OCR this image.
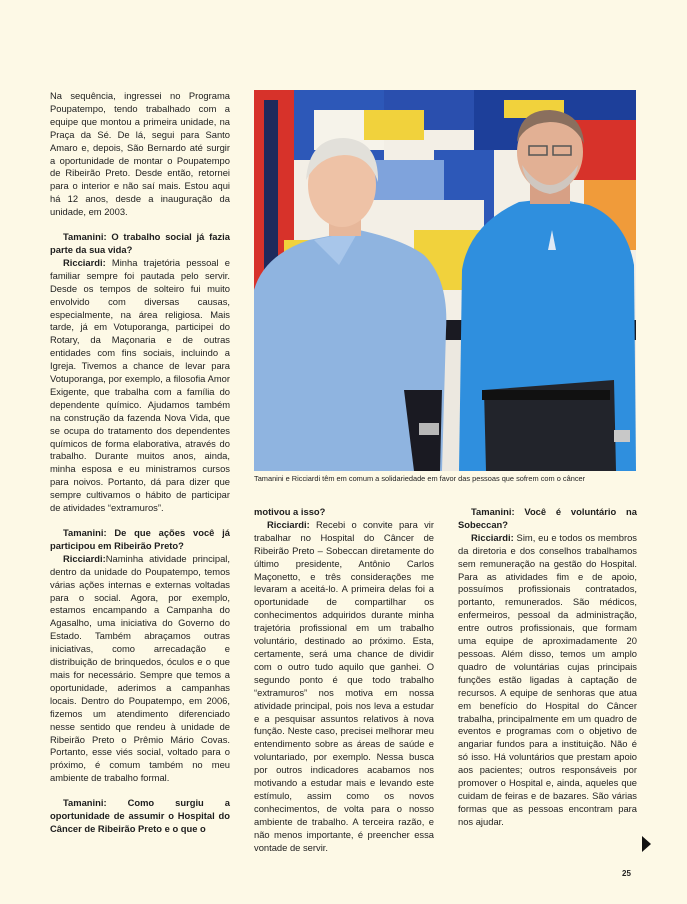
Na sequência, ingressei no Programa Poupatempo, tendo trabalhado com a equipe que montou a primeira unidade, na Praça da Sé. De lá, segui para Santo Amaro e, depois, São Bernardo até surgir a oportunidade de montar o Poupatempo de Ribeirão Preto. Desde então, retornei para o interior e não saí mais. Estou aqui há 12 anos, desde a inauguração da unidade, em 2003.

Tamanini: O trabalho social já fazia parte da sua vida?

Ricciardi: Minha trajetória pessoal e familiar sempre foi pautada pelo servir. Desde os tempos de solteiro fui muito envolvido com diversas causas, especialmente, na área religiosa. Mais tarde, já em Votuporanga, participei do Rotary, da Maçonaria e de outras entidades com fins sociais, incluindo a Igreja. Tivemos a chance de levar para Votuporanga, por exemplo, a filosofia Amor Exigente, que trabalha com a família do dependente químico. Ajudamos também na construção da fazenda Nova Vida, que se ocupa do tratamento dos dependentes químicos de forma elaborativa, através do trabalho. Durante muitos anos, ainda, minha esposa e eu ministramos cursos para noivos. Portanto, dá para dizer que sempre cultivamos o hábito de participar de atividades “extramuros”.

Tamanini: De que ações você já participou em Ribeirão Preto?

Ricciardi:Naminha atividade principal, dentro da unidade do Poupatempo, temos várias ações internas e externas voltadas para o social. Agora, por exemplo, estamos encampando a Campanha do Agasalho, uma iniciativa do Governo do Estado. Também abraçamos outras iniciativas, como arrecadação e distribuição de brinquedos, óculos e o que mais for necessário. Sempre que temos a oportunidade, aderimos a campanhas locais. Dentro do Poupatempo, em 2006, fizemos um atendimento diferenciado nesse sentido que rendeu à unidade de Ribeirão Preto o Prêmio Mário Covas. Portanto, esse viés social, voltado para o próximo, é comum também no meu ambiente de trabalho formal.

Tamanini: Como surgiu a oportunidade de assumir o Hospital do Câncer de Ribeirão Preto e o que o

Tamanini e Ricciardi têm em comum a solidariedade em favor das pessoas que sofrem com o câncer

motivou a isso?

Ricciardi: Recebi o convite para vir trabalhar no Hospital do Câncer de Ribeirão Preto – Sobeccan diretamente do último presidente, Antônio Carlos Maçonetto, e três considerações me levaram a aceitá-lo. A primeira delas foi a oportunidade de compartilhar os conhecimentos adquiridos durante minha trajetória profissional em um trabalho voluntário, destinado ao próximo. Esta, certamente, será uma chance de dividir com o outro tudo aquilo que ganhei. O segundo ponto é que todo trabalho “extramuros” nos motiva em nossa atividade principal, pois nos leva a estudar e a pesquisar assuntos relativos à nova função. Neste caso, precisei melhorar meu entendimento sobre as áreas de saúde e voluntariado, por exemplo. Nessa busca por outros indicadores acabamos nos motivando a estudar mais e levando este estímulo, assim como os novos conhecimentos, de volta para o nosso ambiente de trabalho. A terceira razão, e não menos importante, é preencher essa vontade de servir.

Tamanini: Você é voluntário na Sobeccan?

Ricciardi: Sim, eu e todos os membros da diretoria e dos conselhos trabalhamos sem remuneração na gestão do Hospital. Para as atividades fim e de apoio, possuímos profissionais contratados, portanto, remunerados. São médicos, enfermeiros, pessoal da administração, entre outros profissionais, que formam uma equipe de aproximadamente 20 pessoas. Além disso, temos um amplo quadro de voluntárias cujas principais funções estão ligadas à captação de recursos. A equipe de senhoras que atua em benefício do Hospital do Câncer trabalha, principalmente em um quadro de eventos e programas com o objetivo de angariar fundos para a instituição. Não é só isso. Há voluntários que prestam apoio aos pacientes; outros responsáveis por promover o Hospital e, ainda, aqueles que cuidam de feiras e de bazares. São várias formas que as pessoas encontram para nos ajudar.

25
